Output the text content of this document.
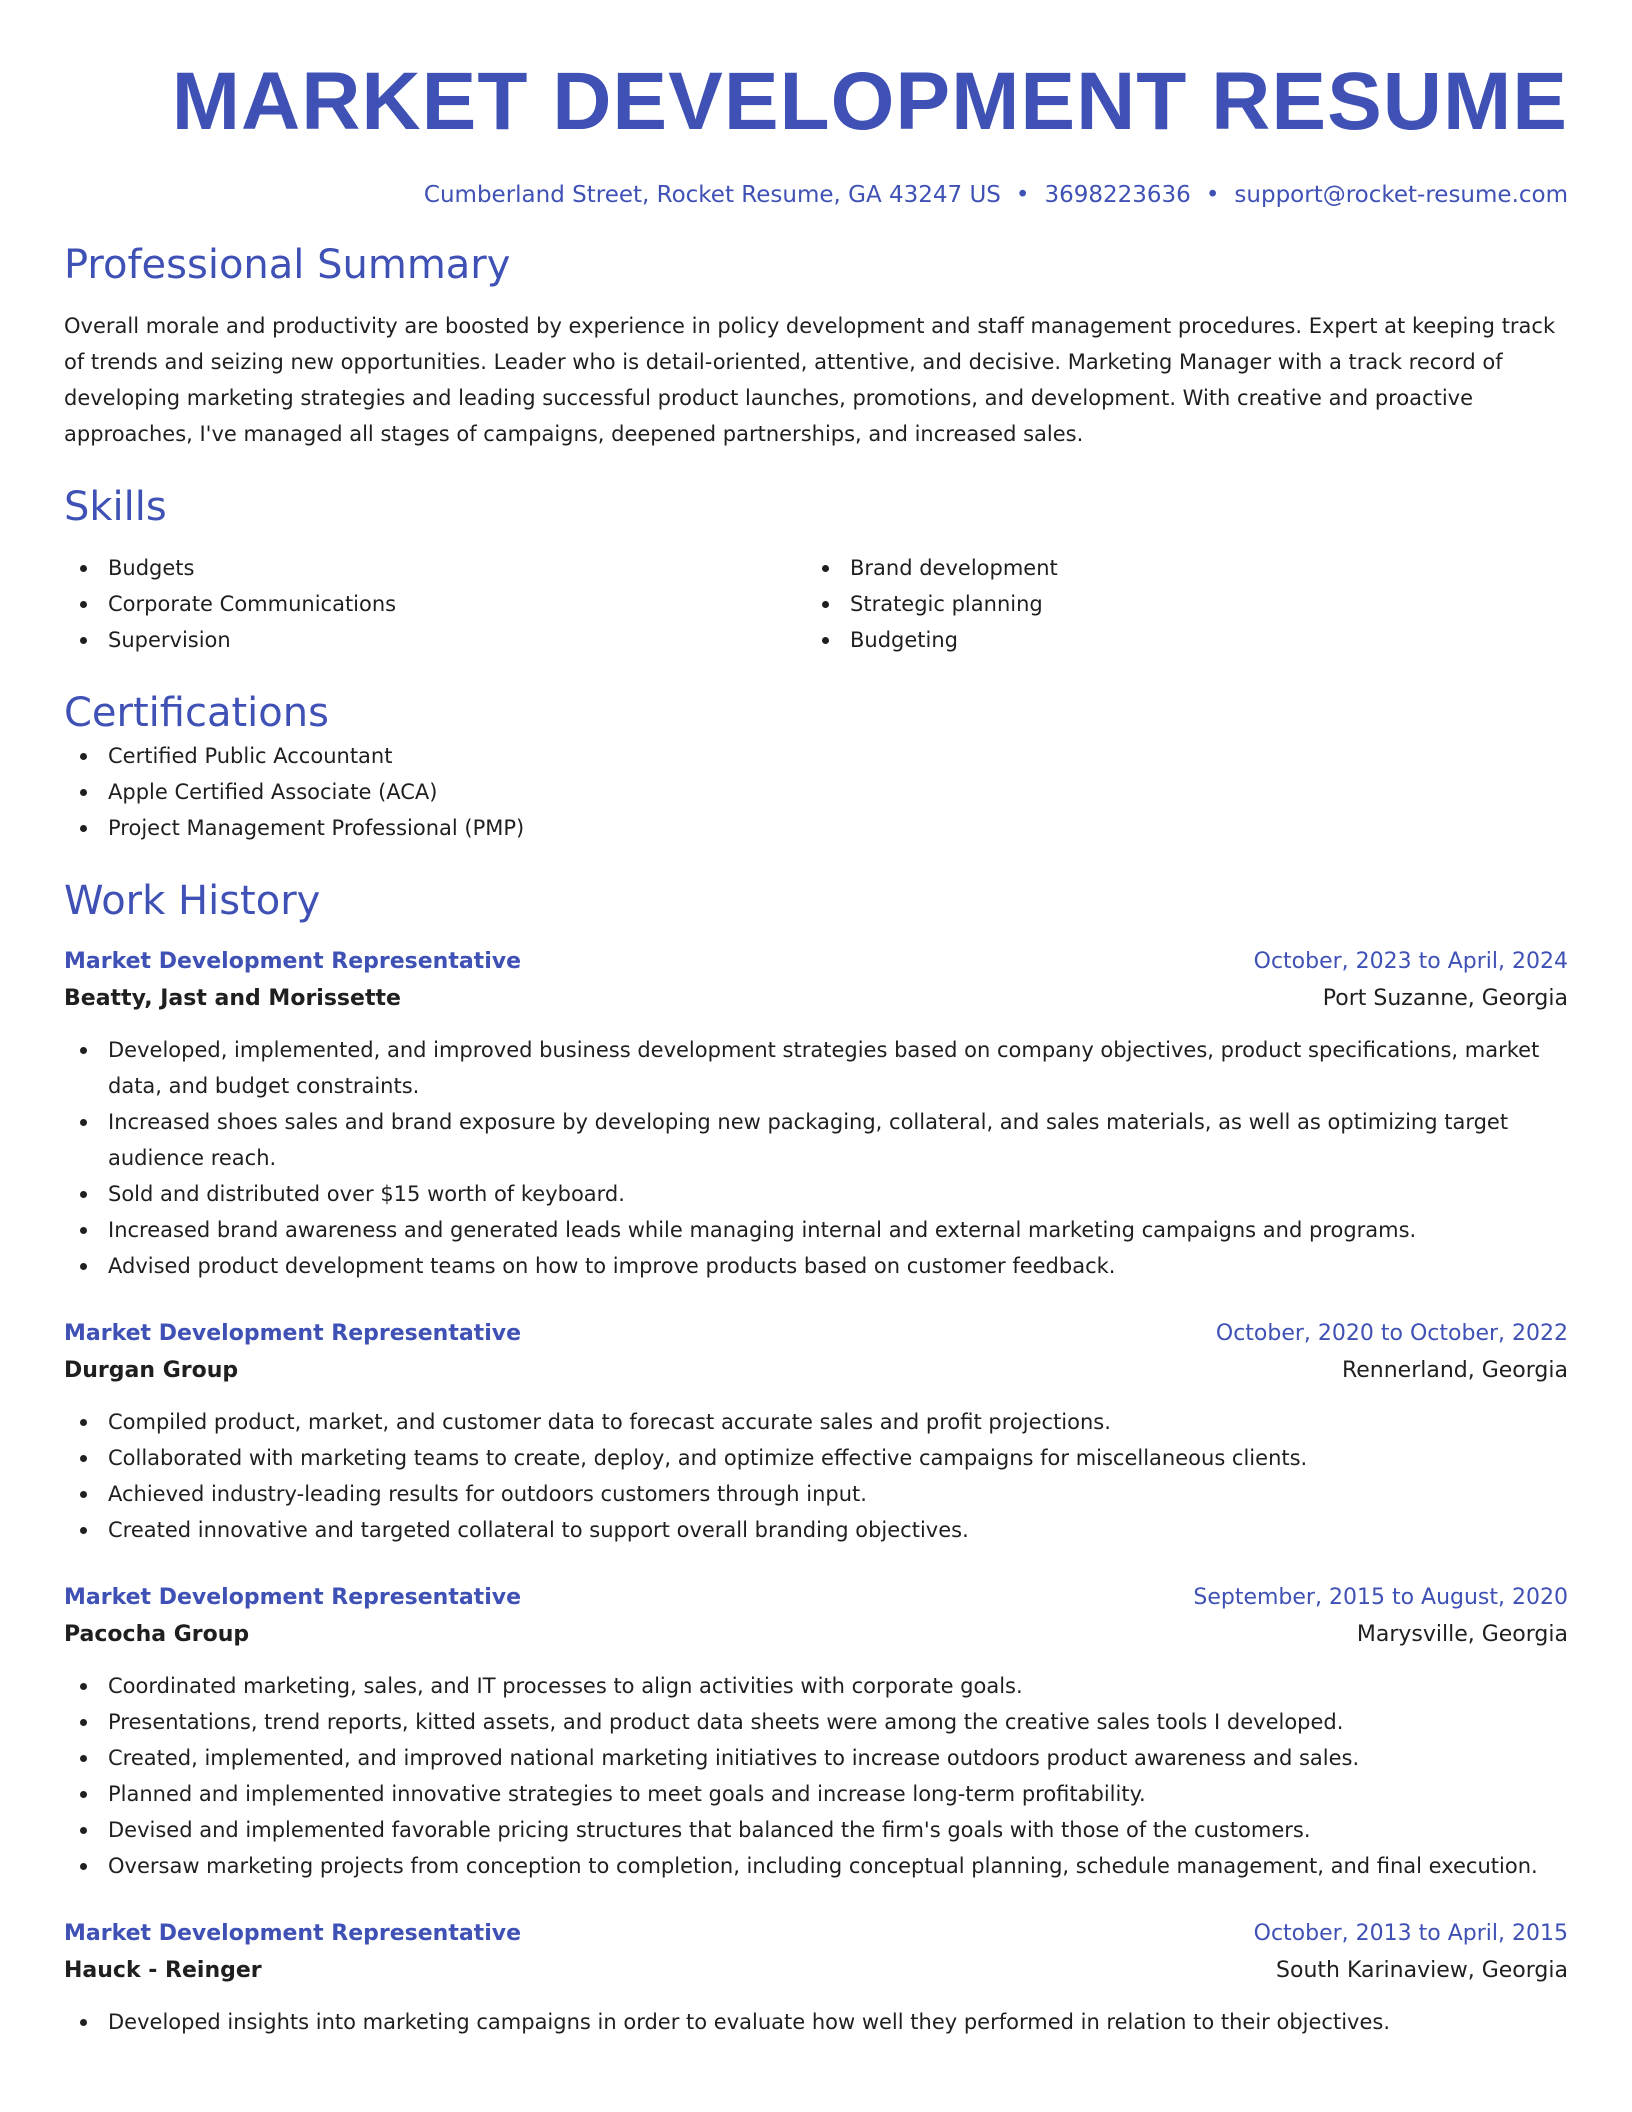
MARKET DEVELOPMENT RESUME
Cumberland Street, Rocket Resume, GA 43247 US • 3698223636 • support@rocket-resume.com
Professional Summary

Overall morale and productivity are boosted by experience in policy development and staff management procedures. Expert at keeping track of trends and seizing new opportunities. Leader who is detail-oriented, attentive, and decisive. Marketing Manager with a track record of developing marketing strategies and leading successful product launches, promotions, and development. With creative and proactive approaches, I've managed all stages of campaigns, deepened partnerships, and increased sales.

Skills
Budgets
Corporate Communications
Supervision
Brand development
Strategic planning
Budgeting
Certifications
Certified Public Accountant
Apple Certified Associate (ACA)
Project Management Professional (PMP)
Work History
Market Development Representative	October, 2023 to April, 2024
Beatty, Jast and Morissette	Port Suzanne, Georgia
Developed, implemented, and improved business development strategies based on company objectives, product specifications, market data, and budget constraints.
Increased shoes sales and brand exposure by developing new packaging, collateral, and sales materials, as well as optimizing target audience reach.
Sold and distributed over $15 worth of keyboard.
Increased brand awareness and generated leads while managing internal and external marketing campaigns and programs.
Advised product development teams on how to improve products based on customer feedback.
Market Development Representative	October, 2020 to October, 2022
Durgan Group	Rennerland, Georgia
Compiled product, market, and customer data to forecast accurate sales and profit projections.
Collaborated with marketing teams to create, deploy, and optimize effective campaigns for miscellaneous clients.
Achieved industry-leading results for outdoors customers through input.
Created innovative and targeted collateral to support overall branding objectives.
Market Development Representative	September, 2015 to August, 2020
Pacocha Group	Marysville, Georgia
Coordinated marketing, sales, and IT processes to align activities with corporate goals.
Presentations, trend reports, kitted assets, and product data sheets were among the creative sales tools I developed.
Created, implemented, and improved national marketing initiatives to increase outdoors product awareness and sales.
Planned and implemented innovative strategies to meet goals and increase long-term profitability.
Devised and implemented favorable pricing structures that balanced the firm's goals with those of the customers.
Oversaw marketing projects from conception to completion, including conceptual planning, schedule management, and final execution.
Market Development Representative	October, 2013 to April, 2015
Hauck - Reinger	South Karinaview, Georgia
Developed insights into marketing campaigns in order to evaluate how well they performed in relation to their objectives.
